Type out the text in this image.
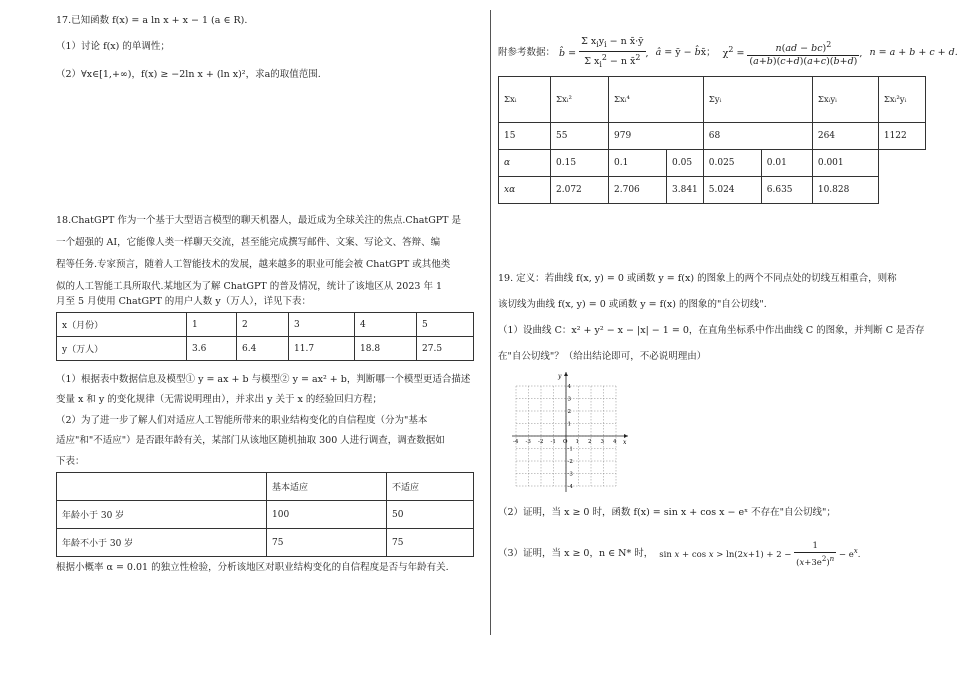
17.已知函数 f(x) = a ln x + x − 1 (a ∈ R).
（1）讨论 f(x) 的单调性；
（2）∀x∈[1,+∞)，f(x) ≥ −2ln x + (ln x)²，求a的取值范围.
18.ChatGPT 作为一个基于大型语言模型的聊天机器人，最近成为全球关注的焦点.ChatGPT 是
一个超强的 AI，它能像人类一样聊天交流，甚至能完成撰写邮件、文案、写论文、答辩、编
程等任务.专家预言，随着人工智能技术的发展，越来越多的职业可能会被 ChatGPT 或其他类
似的人工智能工具所取代.某地区为了解 ChatGPT 的普及情况，统计了该地区从 2023 年 1
月至 5 月使用 ChatGPT 的用户人数 y（万人），详见下表：
x（月份）	1	2	3	4	5
y（万人）	3.6	6.4	11.7	18.8	27.5
（1）根据表中数据信息及模型① y = ax + b 与模型② y = ax² + b，判断哪一个模型更适合描述
变量 x 和 y 的变化规律（无需说明理由），并求出 y 关于 x 的经验回归方程；
（2）为了进一步了解人们对适应人工智能所带来的职业结构变化的自信程度（分为"基本
适应"和"不适应"）是否跟年龄有关，某部门从该地区随机抽取 300 人进行调查，调查数据如
下表：
	基本适应	不适应
年龄小于 30 岁	100	50
年龄不小于 30 岁	75	75
根据小概率 α = 0.01 的独立性检验，分析该地区对职业结构变化的自信程度是否与年龄有关.
附参考数据： b̂ = $\frac{\Sigma x_iy_i - n x̄\cdot ȳ}{\Sigma x_i^2 - n x̄^2}$ , â = ȳ − b̂x̄； $\chi^2 = \frac{n(ad - bc)^2}{(a+b)(c+d)(a+c)(b+d)}$ , n = a + b + c + d.
Σxᵢ	Σxᵢ²	Σxᵢ⁴		Σyᵢ		Σxᵢyᵢ	Σxᵢ²yᵢ
15	55	979		68		264	1122
α	0.15	0.1	0.05	0.025	0.01	0.001	
xα	2.072	2.706	3.841	5.024	6.635	10.828	
19. 定义：若曲线 f(x, y) = 0 或函数 y = f(x) 的图象上的两个不同点处的切线互相重合，则称
该切线为曲线 f(x, y) = 0 或函数 y = f(x) 的图象的"自公切线".
（1）设曲线 C：x² + y² − x − |x| − 1 = 0，在直角坐标系中作出曲线 C 的图象，并判断 C 是否存
在"自公切线"？（给出结论即可，不必说明理由）
x
y
-4 -3 -2 -1 O 1 2 3 4
4
3
2
1
-1
-2
-3
-4
（2）证明，当 x ≥ 0 时，函数 f(x) = sin x + cos x − eˣ 不存在"自公切线"；
（3）证明，当 x ≥ 0，n ∈ N* 时， $\sin x + \cos x > \ln(2x+1) + 2 - \frac{1}{(x+3e^2)^n} - e^x$.
